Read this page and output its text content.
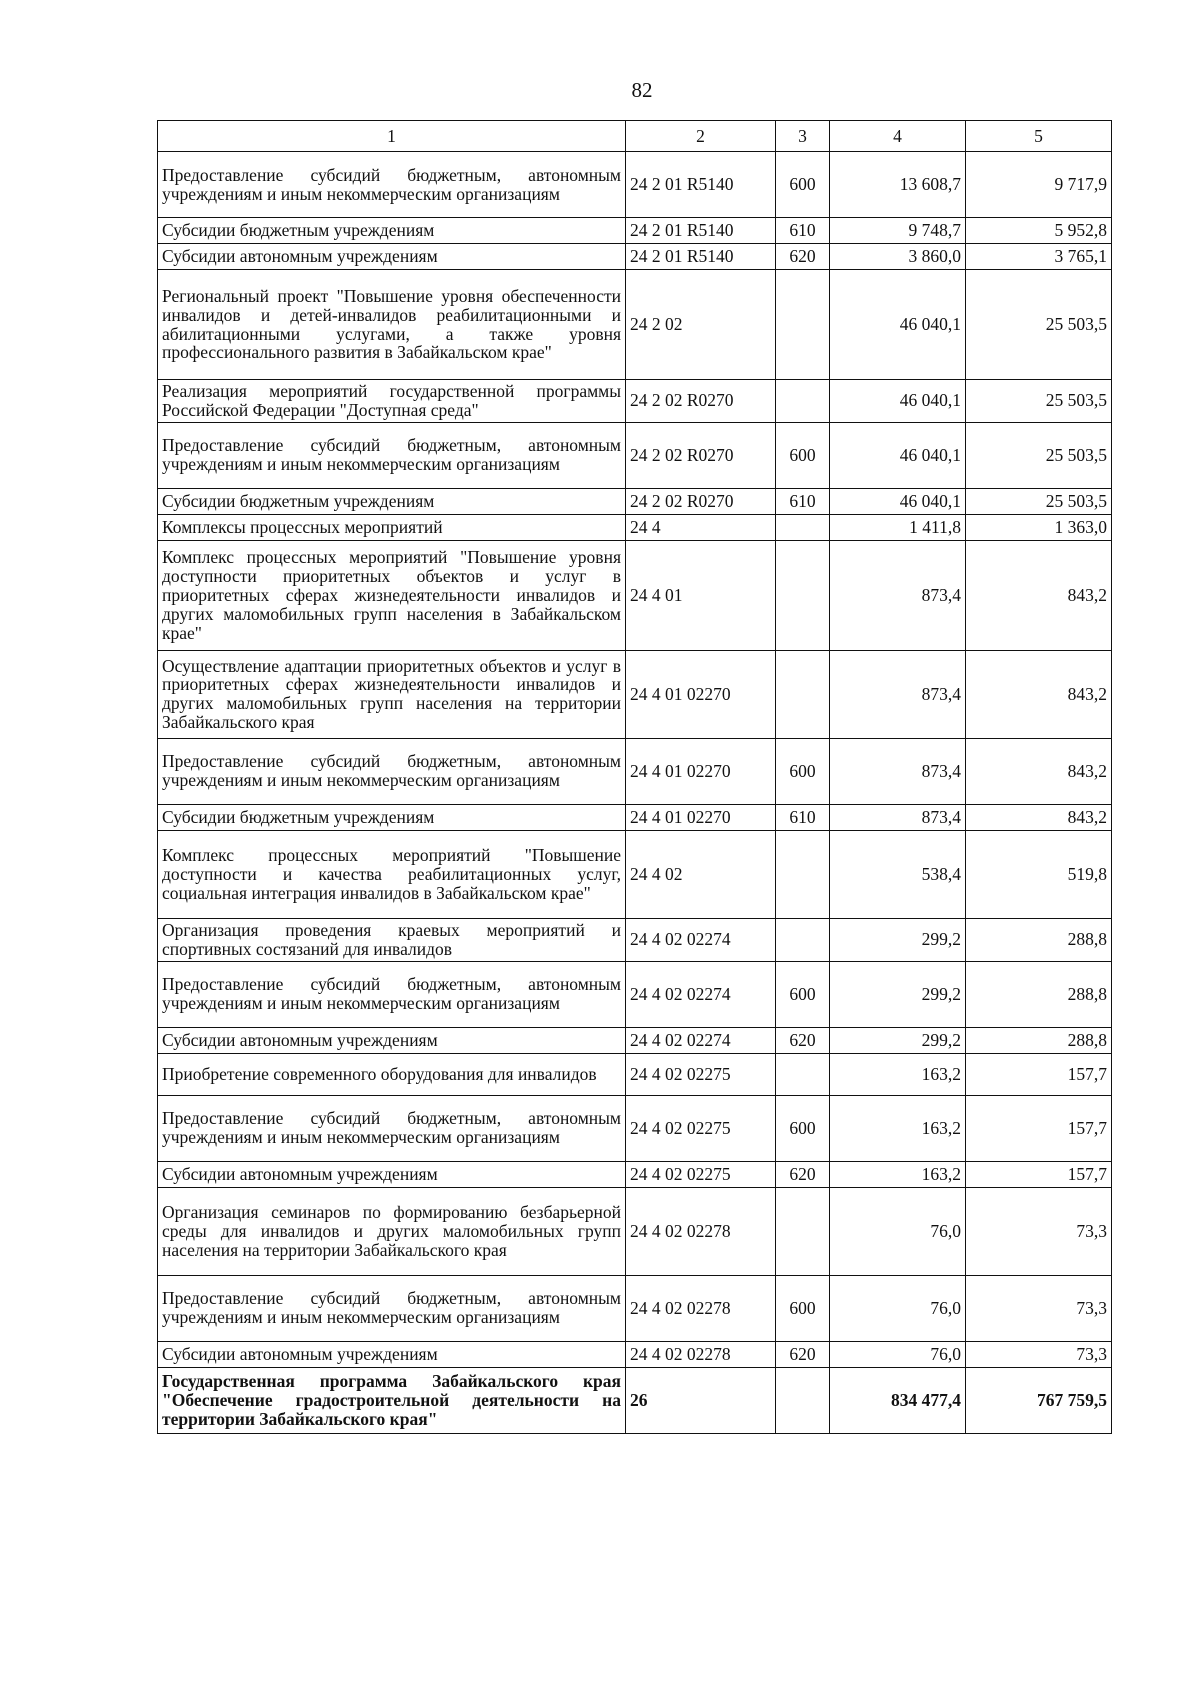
82
1	2	3	4	5
Предоставление субсидий бюджетным, автономным учреждениям и иным некоммерческим организациям	24 2 01 R5140	600	13 608,7	9 717,9
Субсидии бюджетным учреждениям	24 2 01 R5140	610	9 748,7	5 952,8
Субсидии автономным учреждениям	24 2 01 R5140	620	3 860,0	3 765,1
Региональный проект "Повышение уровня обеспеченности инвалидов и детей-инвалидов реабилитационными и абилитационными услугами, а также уровня профессионального развития в Забайкальском крае"	24 2 02		46 040,1	25 503,5
Реализация мероприятий государственной программы Российской Федерации "Доступная среда"	24 2 02 R0270		46 040,1	25 503,5
Предоставление субсидий бюджетным, автономным учреждениям и иным некоммерческим организациям	24 2 02 R0270	600	46 040,1	25 503,5
Субсидии бюджетным учреждениям	24 2 02 R0270	610	46 040,1	25 503,5
Комплексы процессных мероприятий	24 4		1 411,8	1 363,0
Комплекс процессных мероприятий "Повышение уровня доступности приоритетных объектов и услуг в приоритетных сферах жизнедеятельности инвалидов и других маломобильных групп населения в Забайкальском крае"	24 4 01		873,4	843,2
Осуществление адаптации приоритетных объектов и услуг в приоритетных сферах жизнедеятельности инвалидов и других маломобильных групп населения на территории Забайкальского края	24 4 01 02270		873,4	843,2
Предоставление субсидий бюджетным, автономным учреждениям и иным некоммерческим организациям	24 4 01 02270	600	873,4	843,2
Субсидии бюджетным учреждениям	24 4 01 02270	610	873,4	843,2
Комплекс процессных мероприятий "Повышение доступности и качества реабилитационных услуг, социальная интеграция инвалидов в Забайкальском крае"	24 4 02		538,4	519,8
Организация проведения краевых мероприятий и спортивных состязаний для инвалидов	24 4 02 02274		299,2	288,8
Предоставление субсидий бюджетным, автономным учреждениям и иным некоммерческим организациям	24 4 02 02274	600	299,2	288,8
Субсидии автономным учреждениям	24 4 02 02274	620	299,2	288,8
Приобретение современного оборудования для инвалидов	24 4 02 02275		163,2	157,7
Предоставление субсидий бюджетным, автономным учреждениям и иным некоммерческим организациям	24 4 02 02275	600	163,2	157,7
Субсидии автономным учреждениям	24 4 02 02275	620	163,2	157,7
Организация семинаров по формированию безбарьерной среды для инвалидов и других маломобильных групп населения на территории Забайкальского края	24 4 02 02278		76,0	73,3
Предоставление субсидий бюджетным, автономным учреждениям и иным некоммерческим организациям	24 4 02 02278	600	76,0	73,3
Субсидии автономным учреждениям	24 4 02 02278	620	76,0	73,3
Государственная программа Забайкальского края "Обеспечение градостроительной деятельности на территории Забайкальского края"	26		834 477,4	767 759,5
